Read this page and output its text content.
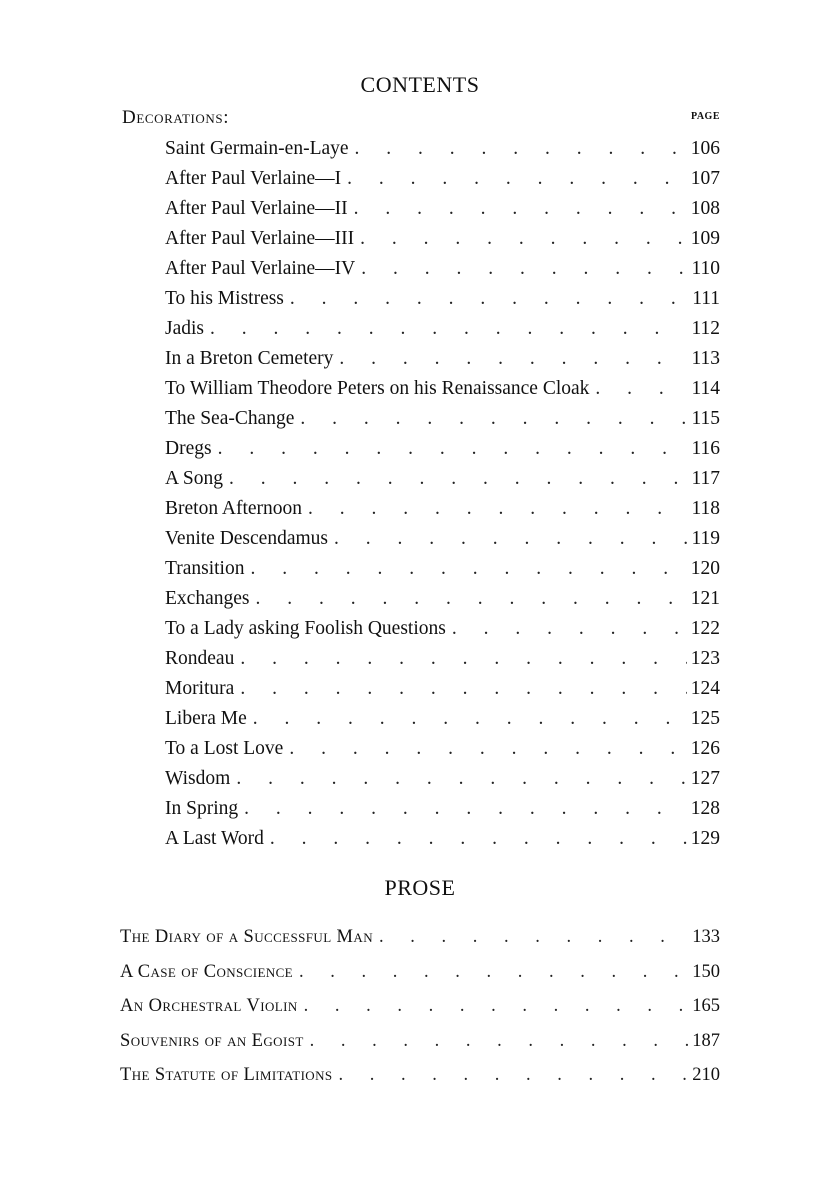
CONTENTS
Decorations:	PAGE
Saint Germain-en-Laye . . .	106
After Paul Verlaine—I . . .	107
After Paul Verlaine—II . . .	108
After Paul Verlaine—III . . .	109
After Paul Verlaine—IV . . .	110
To his Mistress . . .	111
Jadis . . .	112
In a Breton Cemetery . . .	113
To William Theodore Peters on his Renaissance Cloak . . .	114
The Sea-Change . . .	115
Dregs . . .	116
A Song . . .	117
Breton Afternoon . . .	118
Venite Descendamus . . .	119
Transition . . .	120
Exchanges . . .	121
To a Lady asking Foolish Questions . . .	122
Rondeau . . .	123
Moritura . . .	124
Libera Me . . .	125
To a Lost Love . . .	126
Wisdom . . .	127
In Spring . . .	128
A Last Word . . .	129
PROSE
The Diary of a Successful Man . . .	133
A Case of Conscience . . .	150
An Orchestral Violin . . .	165
Souvenirs of an Egoist . . .	187
The Statute of Limitations . . .	210
